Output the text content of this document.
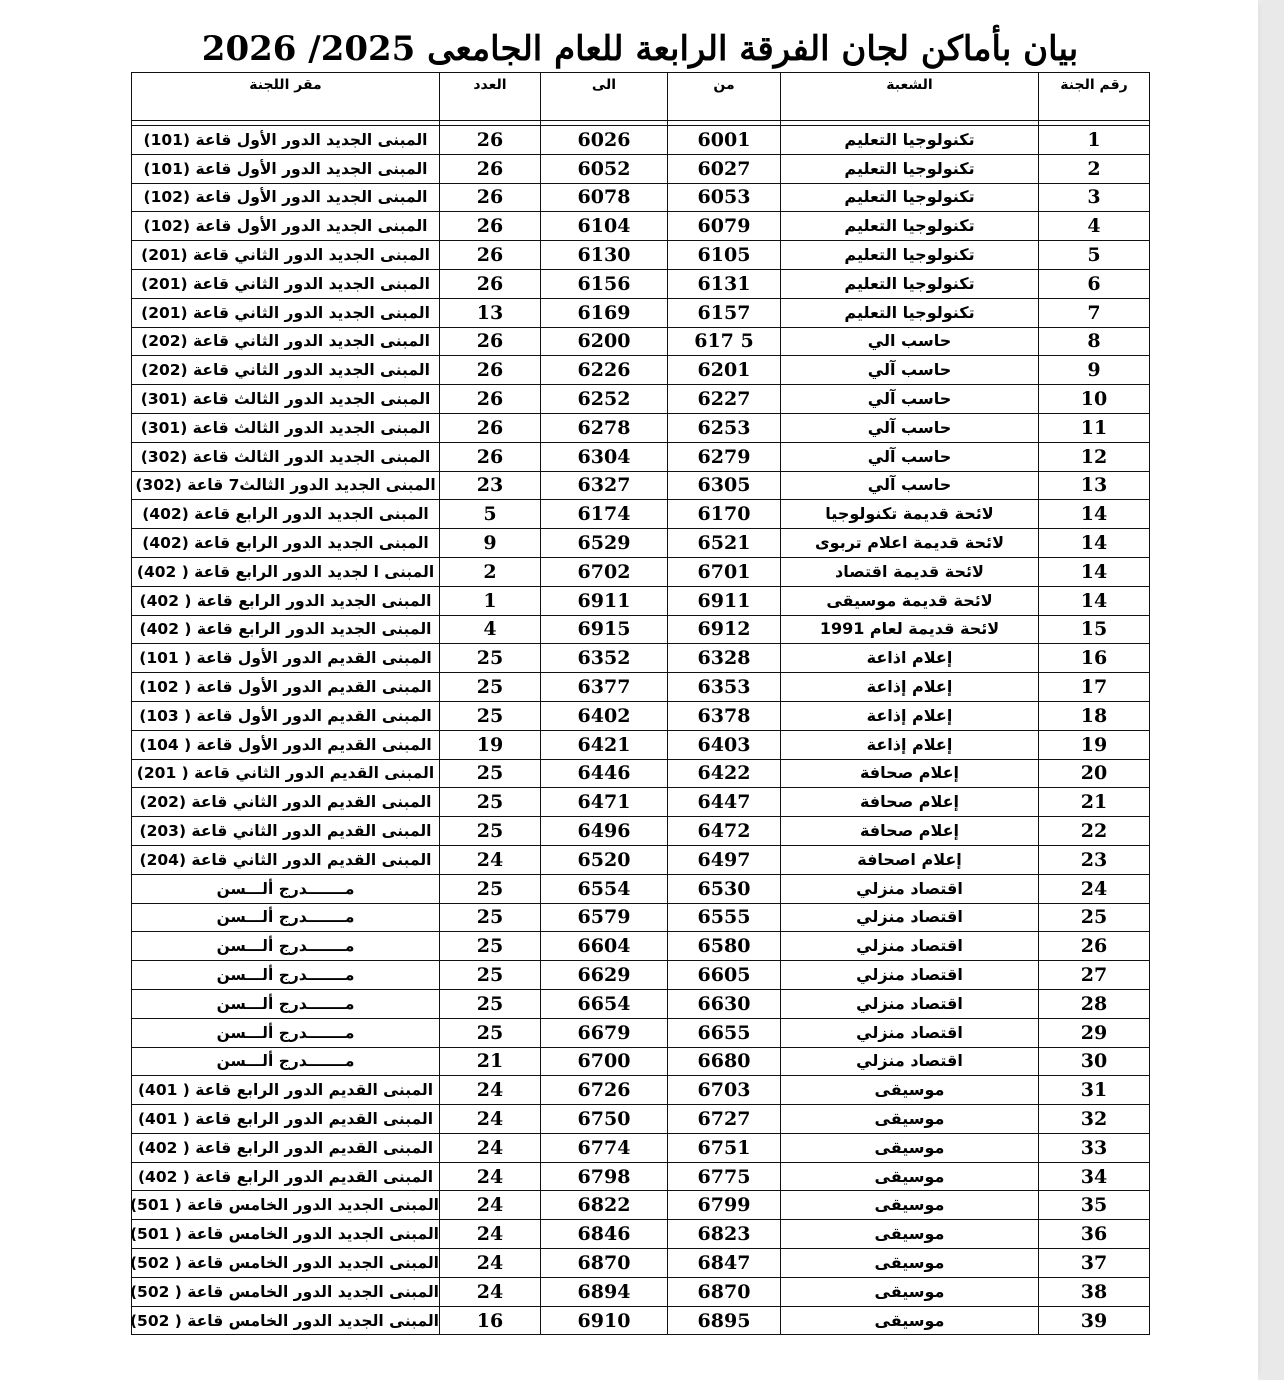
بيان بأماكن لجان الفرقة الرابعة للعام الجامعى 2025/ 2026
رقم الجنة	الشعبة	من	الى	العدد	مقر اللجنة

1	تكنولوجيا التعليم	6001	6026	26	المبنى الجديد الدور الأول قاعة (101)
2	تكنولوجيا التعليم	6027	6052	26	المبنى الجديد الدور الأول قاعة (101)
3	تكنولوجيا التعليم	6053	6078	26	المبنى الجديد الدور الأول قاعة (102)
4	تكنولوجيا التعليم	6079	6104	26	المبنى الجديد الدور الأول قاعة (102)
5	تكنولوجيا التعليم	6105	6130	26	المبنى الجديد الدور الثاني قاعة (201)
6	تكنولوجيا التعليم	6131	6156	26	المبنى الجديد الدور الثاني قاعة (201)
7	تكنولوجيا التعليم	6157	6169	13	المبنى الجديد الدور الثاني قاعة (201)
8	حاسب الي	5 617	6200	26	المبنى الجديد الدور الثاني قاعة (202)
9	حاسب آلي	6201	6226	26	المبنى الجديد الدور الثاني قاعة (202)
10	حاسب آلي	6227	6252	26	المبنى الجديد الدور الثالث قاعة (301)
11	حاسب آلي	6253	6278	26	المبنى الجديد الدور الثالث قاعة (301)
12	حاسب آلي	6279	6304	26	المبنى الجديد الدور الثالث قاعة (302)
13	حاسب آلي	6305	6327	23	المبنى الجديد الدور الثالث7 قاعة (302)
14	لائحة قديمة تكنولوجيا	6170	6174	5	المبنى الجديد الدور الرابع قاعة (402)
14	لائحة قديمة اعلام تربوى	6521	6529	9	المبنى الجديد الدور الرابع قاعة (402)
14	لائحة قديمة اقتصاد	6701	6702	2	المبنى ا لجديد الدور الرابع قاعة ( 402)
14	لائحة قديمة موسيقى	6911	6911	1	المبنى الجديد الدور الرابع قاعة ( 402)
15	لائحة قديمة لعام 1991	6912	6915	4	المبنى الجديد الدور الرابع قاعة ( 402)
16	إعلام اذاعة	6328	6352	25	المبنى القديم الدور الأول قاعة ( 101)
17	إعلام إذاعة	6353	6377	25	المبنى القديم الدور الأول قاعة ( 102)
18	إعلام إذاعة	6378	6402	25	المبنى القديم الدور الأول قاعة ( 103)
19	إعلام إذاعة	6403	6421	19	المبنى القديم الدور الأول قاعة ( 104)
20	إعلام صحافة	6422	6446	25	المبنى القديم الدور الثاني قاعة ( 201)
21	إعلام صحافة	6447	6471	25	المبنى القديم الدور الثاني قاعة (202)
22	إعلام صحافة	6472	6496	25	المبنى القديم الدور الثاني قاعة (203)
23	إعلام اصحافة	6497	6520	24	المبنى القديم الدور الثاني قاعة (204)
24	اقتصاد منزلي	6530	6554	25	مـــــــدرج ألـــسن
25	اقتصاد منزلي	6555	6579	25	مـــــــدرج ألـــسن
26	اقتصاد منزلي	6580	6604	25	مـــــــدرج ألـــسن
27	اقتصاد منزلي	6605	6629	25	مـــــــدرج ألـــسن
28	اقتصاد منزلي	6630	6654	25	مـــــــدرج ألـــسن
29	اقتصاد منزلي	6655	6679	25	مـــــــدرج ألـــسن
30	اقتصاد منزلي	6680	6700	21	مـــــــدرج ألـــسن
31	موسيقى	6703	6726	24	المبنى القديم الدور الرابع قاعة ( 401)
32	موسيقى	6727	6750	24	المبنى القديم الدور الرابع قاعة ( 401)
33	موسيقى	6751	6774	24	المبنى القديم الدور الرابع قاعة ( 402)
34	موسيقى	6775	6798	24	المبنى القديم الدور الرابع قاعة ( 402)
35	موسيقى	6799	6822	24	المبنى الجديد الدور الخامس قاعة ( 501)
36	موسيقى	6823	6846	24	المبنى الجديد الدور الخامس قاعة ( 501)
37	موسيقى	6847	6870	24	المبنى الجديد الدور الخامس قاعة ( 502)
38	موسيقى	6870	6894	24	المبنى الجديد الدور الخامس قاعة ( 502)
39	موسيقى	6895	6910	16	المبنى الجديد الدور الخامس قاعة ( 502)
